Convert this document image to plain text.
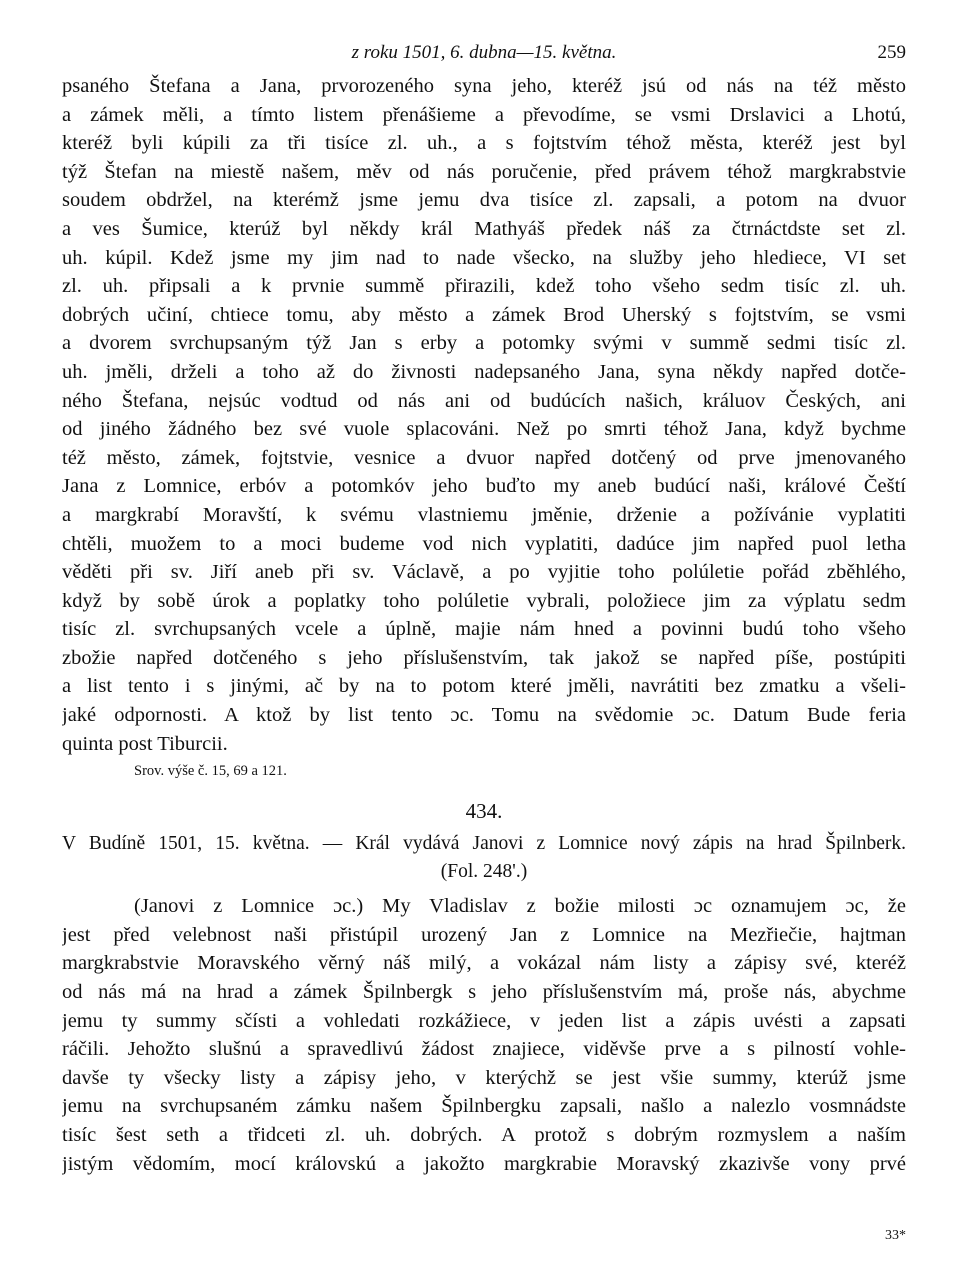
z roku 1501, 6. dubna—15. května.	259
psaného Štefana a Jana, prvorozeného syna jeho, kteréž jsú od nás na též město
a zámek měli, a tímto listem přenášieme a převodíme, se vsmi Drslavici a Lhotú,
kteréž byli kúpili za tři tisíce zl. uh., a s fojtstvím téhož města, kteréž jest byl
týž Štefan na miestě našem, měv od nás poručenie, před právem téhož margkrabstvie
soudem obdržel, na kterémž jsme jemu dva tisíce zl. zapsali, a potom na dvuor
a ves Šumice, kterúž byl někdy král Mathyáš předek náš za čtrnáctdste set zl.
uh. kúpil. Kdež jsme my jim nad to nade všecko, na služby jeho hlediece, VI set
zl. uh. připsali a k prvnie summě přirazili, kdež toho všeho sedm tisíc zl. uh.
dobrých učiní, chtiece tomu, aby město a zámek Brod Uherský s fojtstvím, se vsmi
a dvorem svrchupsaným týž Jan s erby a potomky svými v summě sedmi tisíc zl.
uh. jměli, drželi a toho až do živnosti nadepsaného Jana, syna někdy napřed dotče-
ného Štefana, nejsúc vodtud od nás ani od budúcích našich, králuov Českých, ani
od jiného žádného bez své vuole splacováni. Než po smrti téhož Jana, když bychme
též město, zámek, fojtstvie, vesnice a dvuor napřed dotčený od prve jmenovaného
Jana z Lomnice, erbóv a potomkóv jeho buďto my aneb budúcí naši, králové Čeští
a margkrabí Moravští, k svému vlastniemu jměnie, drženie a požívánie vyplatiti
chtěli, muožem to a moci budeme vod nich vyplatiti, dadúce jim napřed puol letha
věděti při sv. Jiří aneb při sv. Václavě, a po vyjitie toho polúletie pořád zběhlého,
když by sobě úrok a poplatky toho polúletie vybrali, položiece jim za výplatu sedm
tisíc zl. svrchupsaných vcele a úplně, majie nám hned a povinni budú toho všeho
zbožie napřed dotčeného s jeho příslušenstvím, tak jakož se napřed píše, postúpiti
a list tento i s jinými, ač by na to potom které jměli, navrátiti bez zmatku a všeli-
jaké odpornosti. A ktož by list tento ɔc. Tomu na svědomie ɔc. Datum Bude feria
quinta post Tiburcii.
Srov. výše č. 15, 69 a 121.
434.
V Budíně 1501, 15. května. — Král vydává Janovi z Lomnice nový zápis na hrad Špilnberk.
(Fol. 248'.)
(Janovi z Lomnice ɔc.) My Vladislav z božie milosti ɔc oznamujem ɔc, že
jest před velebnost naši přistúpil urozený Jan z Lomnice na Mezřiečie, hajtman
margkrabstvie Moravského věrný náš milý, a vokázal nám listy a zápisy své, kteréž
od nás má na hrad a zámek Špilnbergk s jeho příslušenstvím má, proše nás, abychme
jemu ty summy sčísti a vohledati rozkážiece, v jeden list a zápis uvésti a zapsati
ráčili. Jehožto slušnú a spravedlivú žádost znajiece, viděvše prve a s pilností vohle-
davše ty všecky listy a zápisy jeho, v kterýchž se jest všie summy, kterúž jsme
jemu na svrchupsaném zámku našem Špilnbergku zapsali, našlo a nalezlo vosmnádste
tisíc šest seth a třidceti zl. uh. dobrých. A protož s dobrým rozmyslem a naším
jistým vědomím, mocí královskú a jakožto margkrabie Moravský zkazivše vony prvé
33*
